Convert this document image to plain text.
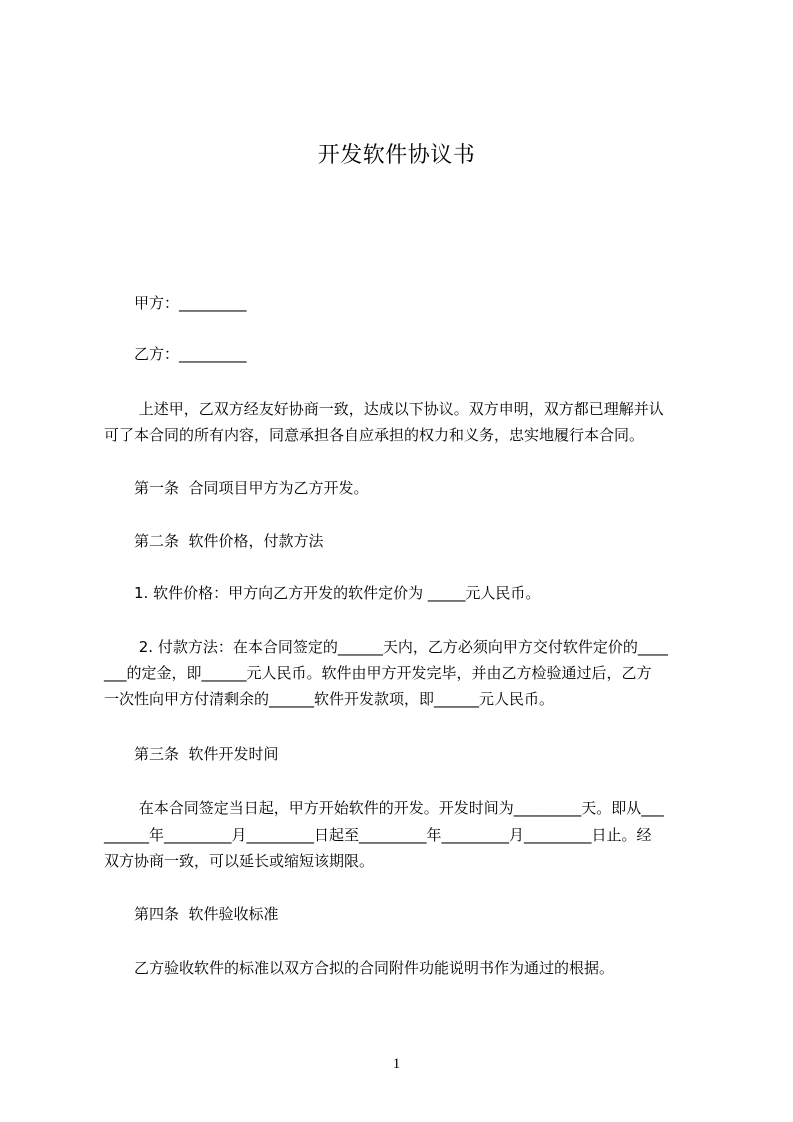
开发软件协议书

　　甲方：_________

　　乙方：_________

　　 上述甲，乙双方经友好协商一致，达成以下协议。双方申明，双方都已理解并认

可了本合同的所有内容，同意承担各自应承担的权力和义务，忠实地履行本合同。

　　第一条  合同项目甲方为乙方开发。

　　第二条  软件价格，付款方法

　　1. 软件价格：甲方向乙方开发的软件定价为 _____元人民币。

　　 2. 付款方法：在本合同签定的______天内，乙方必须向甲方交付软件定价的____

___的定金，即______元人民币。软件由甲方开发完毕，并由乙方检验通过后，乙方

一次性向甲方付清剩余的______软件开发款项，即______元人民币。

　　第三条  软件开发时间

　　 在本合同签定当日起，甲方开始软件的开发。开发时间为_________天。即从___

______年_________月_________日起至_________年_________月_________日止。经

双方协商一致，可以延长或缩短该期限。

　　第四条  软件验收标准

　　乙方验收软件的标准以双方合拟的合同附件功能说明书作为通过的根据。

1
